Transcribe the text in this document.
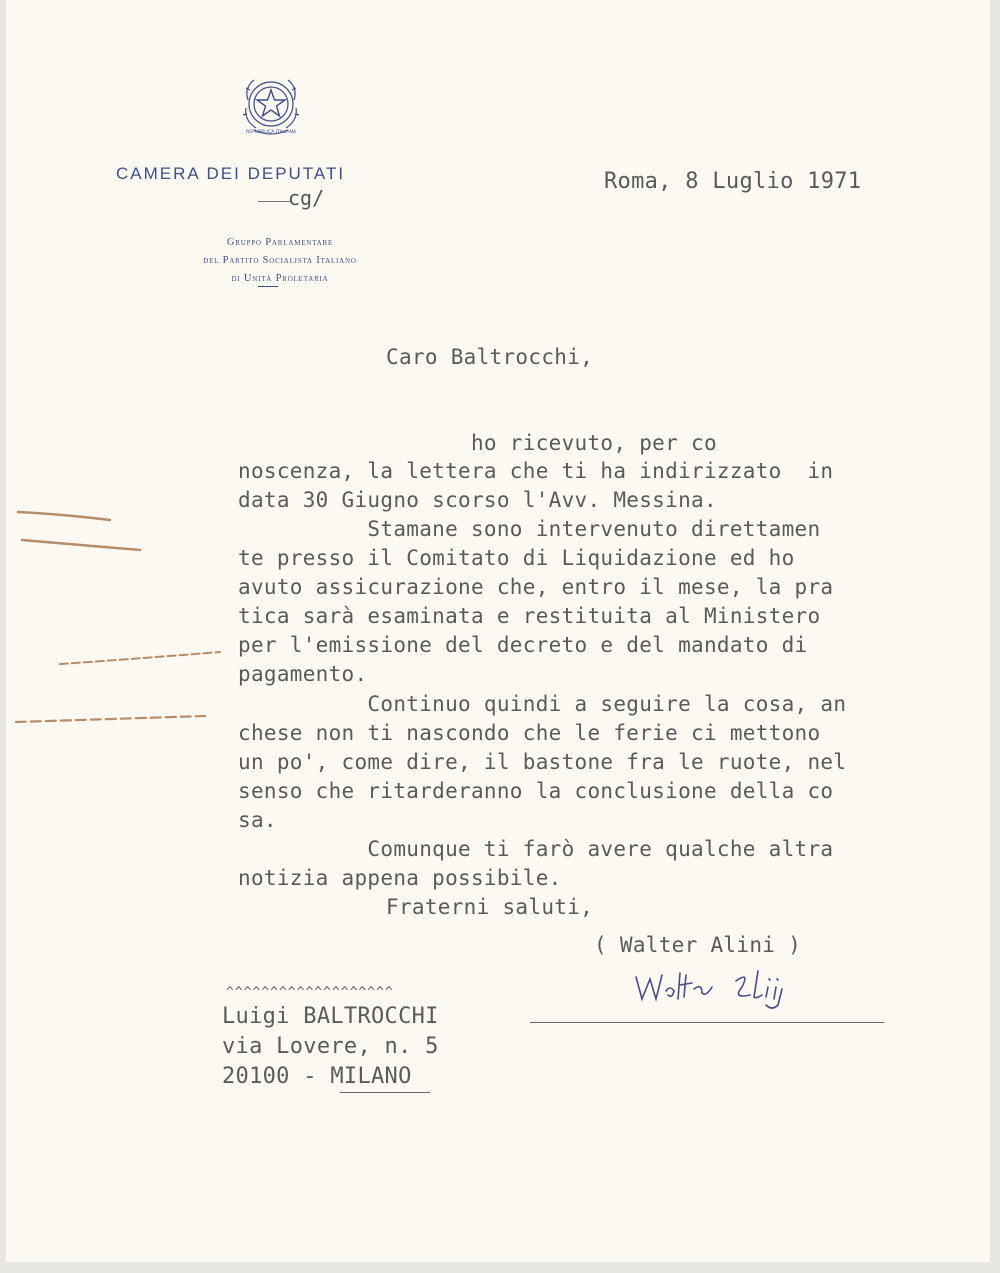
REPUBBLICA ITALIANA
CAMERA DEI DEPUTATI
cg/
Gruppo Parlamentare
del Partito Socialista Italiano
di Unità Proletaria
Roma, 8 Luglio 1971
Caro Baltrocchi,
ho ricevuto, per co
noscenza, la lettera che ti ha indirizzato  in
data 30 Giugno scorso l'Avv. Messina.
Stamane sono intervenuto direttamen
te presso il Comitato di Liquidazione ed ho
avuto assicurazione che, entro il mese, la pra
tica sarà esaminata e restituita al Ministero
per l'emissione del decreto e del mandato di
pagamento.
Continuo quindi a seguire la cosa, an
chese non ti nascondo che le ferie ci mettono
un po', come dire, il bastone fra le ruote, nel
senso che ritarderanno la conclusione della co
sa.
Comunque ti farò avere qualche altra
notizia appena possibile.
Fraterni saluti,
( Walter Alini )
^^^^^^^^^^^^^^^^^^^
Luigi BALTROCCHI
via Lovere, n. 5
20100 - MILANO
